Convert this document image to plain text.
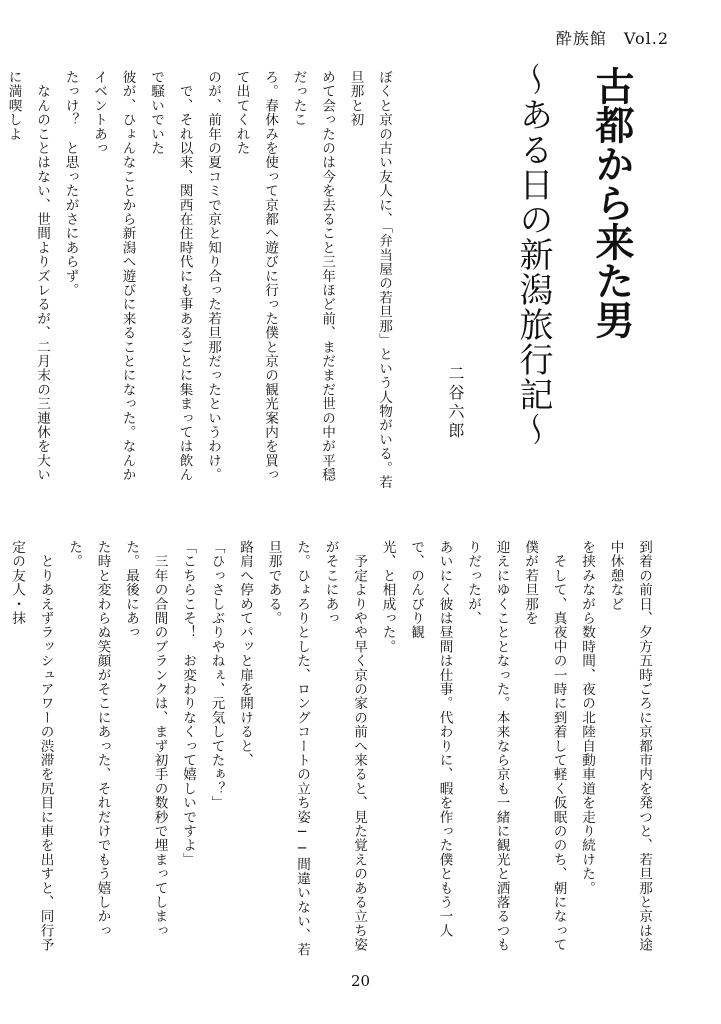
酔族館　Vol.2
古都から来た男
～ある日の新潟旅行記～
二谷六郎
ぼくと京の古い友人に、「弁当屋の若旦那」という人物がいる。若旦那と初
めて会ったのは今を去ること三年ほど前、まだまだ世の中が平穏だったこ
ろ。春休みを使って京都へ遊びに行った僕と京の観光案内を買って出てくれた
のが、前年の夏コミで京と知り合った若旦那だったというわけ。
　で、それ以来、関西在住時代にも事あるごとに集まっては飲んで騒いでいた
彼が、ひょんなことから新潟へ遊びに来ることになった。なんかイベントあっ
たっけ？　と思ったがさにあらず。
　なんのことはない、世間よりズレるが、二月末の三連休を大いに満喫しよ

到着の前日、夕方五時ごろに京都市内を発つと、若旦那と京は途中休憩など
を挟みながら数時間、夜の北陸自動車道を走り続けた。
　そして、真夜中の一時に到着して軽く仮眠ののち、朝になって僕が若旦那を
迎えにゆくこととなった。本来なら京も一緒に観光と洒落るつもりだったが、
あいにく彼は昼間は仕事。代わりに、暇を作った僕ともう一人で、のんびり観
光、と相成った。
　予定よりやや早く京の家の前へ来ると、見た覚えのある立ち姿がそこにあっ
た。ひょろりとした、ロングコートの立ち姿──間違いない、若旦那である。
路肩へ停めてパッと扉を開けると、
「ひっさしぶりやねぇ、元気してたぁ？」
「こちらこそ！　お変わりなくって嬉しいですよ」
　三年の合間のブランクは、まず初手の数秒で埋まってしまった。最後にあっ
た時と変わらぬ笑顔がそこにあった、それだけでもう嬉しかった。
　とりあえずラッシュアワーの渋滞を尻目に車を出すと、同行予定の友人・抹

20
